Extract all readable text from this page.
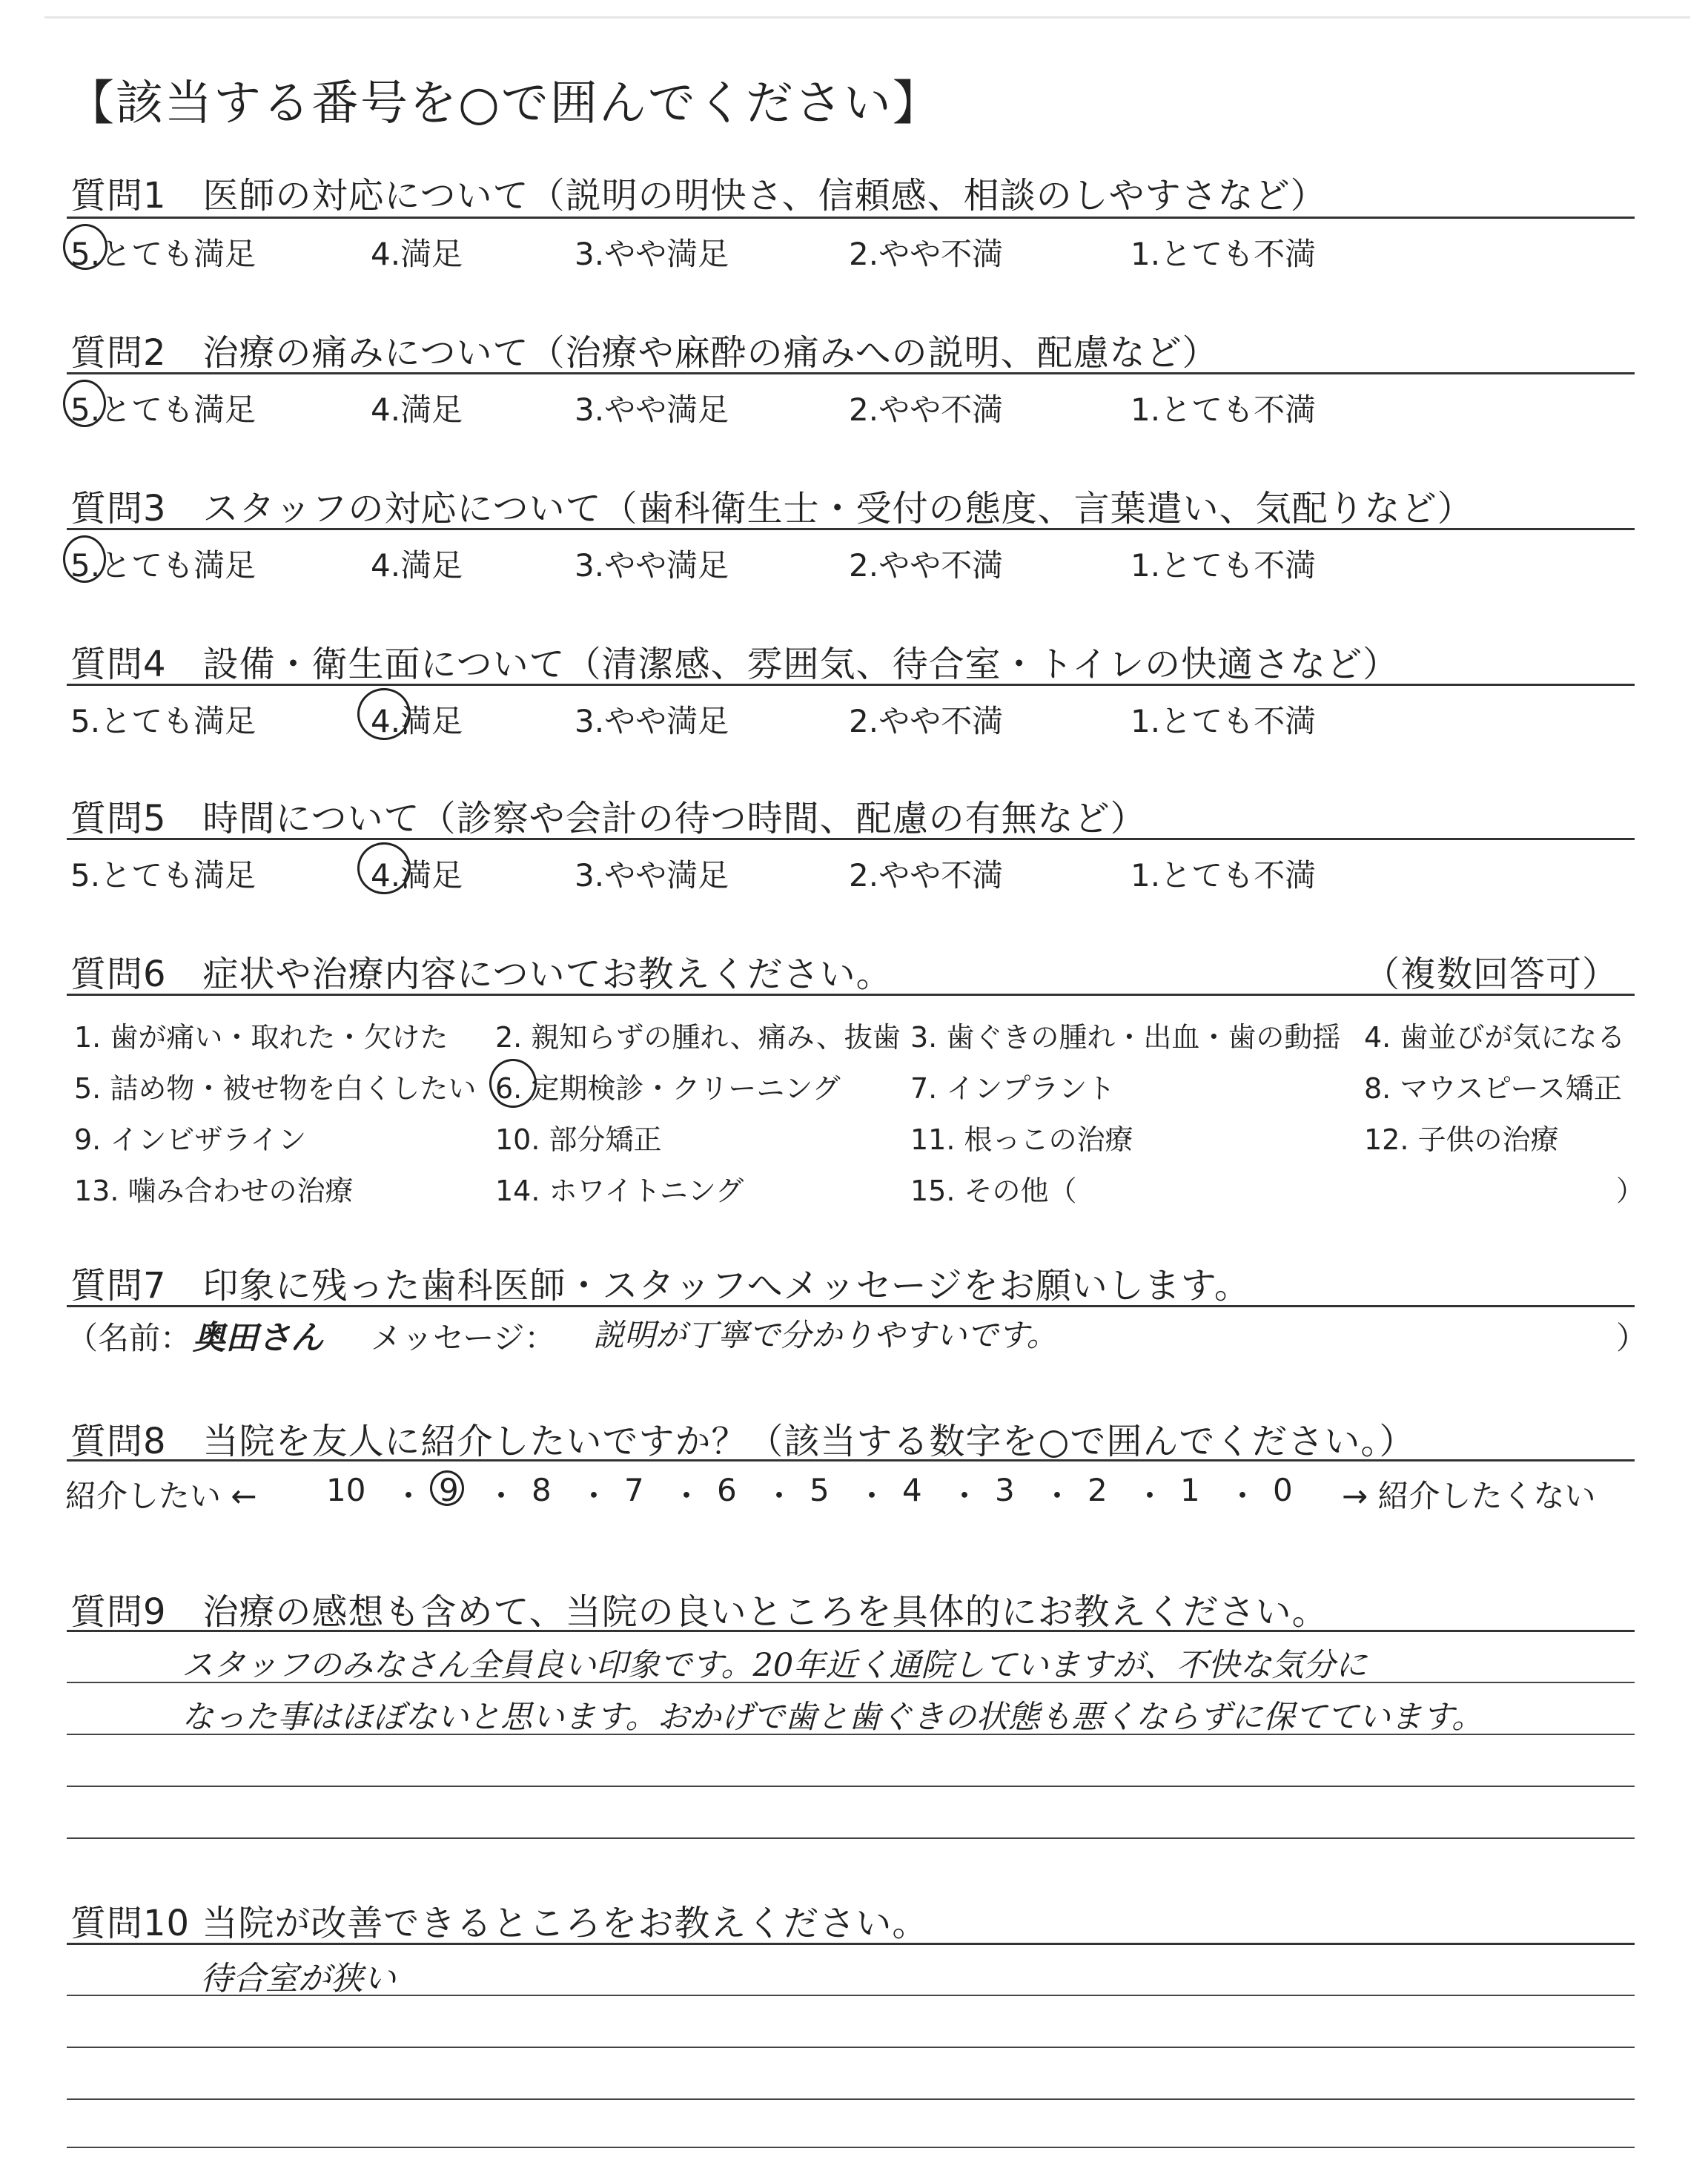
【該当する番号を○で囲んでください】
質問1　医師の対応について（説明の明快さ、信頼感、相談のしやすさなど）
5.とても満足	4.満足	3.やや満足	2.やや不満	1.とても不満
質問2　治療の痛みについて（治療や麻酔の痛みへの説明、配慮など）
5.とても満足	4.満足	3.やや満足	2.やや不満	1.とても不満
質問3　スタッフの対応について（歯科衛生士・受付の態度、言葉遣い、気配りなど）
5.とても満足	4.満足	3.やや満足	2.やや不満	1.とても不満
質問4　設備・衛生面について（清潔感、雰囲気、待合室・トイレの快適さなど）
5.とても満足	4.満足	3.やや満足	2.やや不満	1.とても不満
質問5　時間について（診察や会計の待つ時間、配慮の有無など）
5.とても満足	4.満足	3.やや満足	2.やや不満	1.とても不満
質問6　症状や治療内容についてお教えください。	（複数回答可）
1. 歯が痛い・取れた・欠けた 2. 親知らずの腫れ、痛み、抜歯 3. 歯ぐきの腫れ・出血・歯の動揺 4. 歯並びが気になる
5. 詰め物・被せ物を白くしたい 6. 定期検診・クリーニング 7. インプラント	8. マウスピース矯正
9. インビザライン	10. 部分矯正	11. 根っこの治療	12. 子供の治療
13. 噛み合わせの治療	14. ホワイトニング	15. その他（	）
質問7　印象に残った歯科医師・スタッフへメッセージをお願いします。
（名前： 奥田さん メッセージ： 説明が丁寧で分かりやすいです。	）
質問8　当院を友人に紹介したいですか？（該当する数字を○で囲んでください。）
紹介したい ← 10 ・ 9 ・ 8 ・ 7 ・ 6 ・ 5 ・ 4 ・ 3 ・ 2 ・ 1 ・ 0 → 紹介したくない
質問9　治療の感想も含めて、当院の良いところを具体的にお教えください。
スタッフのみなさん全員良い印象です。20年近く通院していますが、不快な気分に
なった事はほぼないと思います。おかげで歯と歯ぐきの状態も悪くならずに保てています。
質問10 当院が改善できるところをお教えください。
待合室が狭い
